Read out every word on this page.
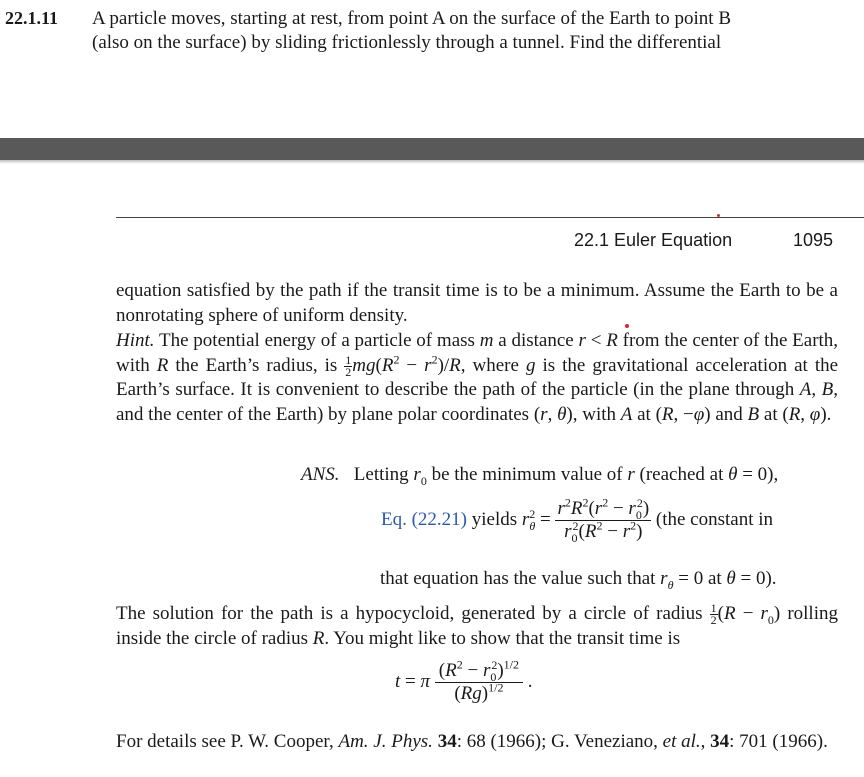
22.1.11 A particle moves, starting at rest, from point A on the surface of the Earth to point B
(also on the surface) by sliding frictionlessly through a tunnel. Find the differential
22.1 Euler Equation	1095
equation satisfied by the path if the transit time is to be a minimum. Assume the Earth to be a nonrotating sphere of uniform density.
Hint. The potential energy of a particle of mass m a distance r < R from the center of the Earth, with R the Earth’s radius, is $\frac{1}{2} mg(R^2 - r^2)/R$, where g is the gravitational acceleration at the Earth’s surface. It is convenient to describe the path of the particle (in the plane through A, B, and the center of the Earth) by plane polar coordinates (r, θ), with A at (R, −φ) and B at (R, φ).
ANS. Letting $r_0$ be the minimum value of r (reached at θ = 0),
Eq. (22.21) yields $r_\theta^2 = \frac{r^2R^2(r^2 - r_0^2)}{r_0^2(R^2 - r^2)} (the$ constant in
that equation has the value such that $r_\theta = 0$ at θ = 0).
The solution for the path is a hypocycloid, generated by a circle of radius $\frac{1}{2} (R - r_0)$ rolling inside the circle of radius R. You might like to show that the transit time is
t = π $\frac{(R^2 - r_0^2)^{1/2}}{(Rg)^{1/2}}$ .
For details see P. W. Cooper, Am. J. Phys. 34: 68 (1966); G. Veneziano, et al., 34: 701 (1966).
